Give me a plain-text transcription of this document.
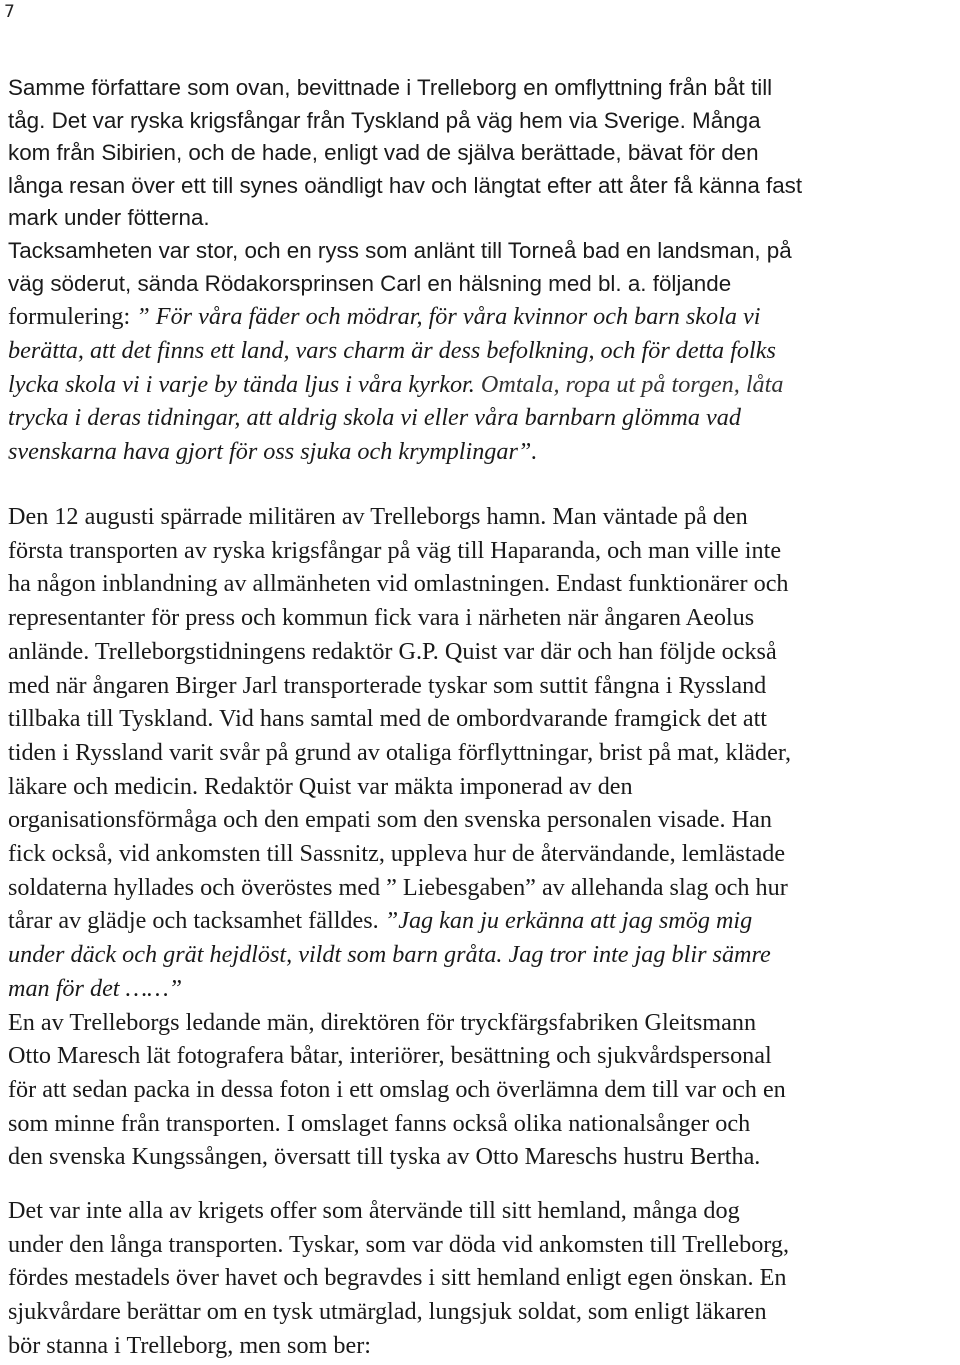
7
Samme författare som ovan, bevittnade i Trelleborg en omflyttning från båt till
tåg. Det var ryska krigsfångar från Tyskland på väg hem via Sverige. Många
kom från Sibirien, och de hade, enligt vad de själva berättade, bävat för den
långa resan över ett till synes oändligt hav och längtat efter att åter få känna fast
mark under fötterna.
Tacksamheten var stor, och en ryss som anlänt till Torneå bad en landsman, på
väg söderut, sända Rödakorsprinsen Carl en hälsning med bl. a. följande
formulering: ” För våra fäder och mödrar, för våra kvinnor och barn skola vi
berätta, att det finns ett land, vars charm är dess befolkning, och för detta folks
lycka skola vi i varje by tända ljus i våra kyrkor. Omtala, ropa ut på torgen, låta
trycka i deras tidningar, att aldrig skola vi eller våra barnbarn glömma vad
svenskarna hava gjort för oss sjuka och krymplingar”.
Den 12 augusti spärrade militären av Trelleborgs hamn. Man väntade på den
första transporten av ryska krigsfångar på väg till Haparanda, och man ville inte
ha någon inblandning av allmänheten vid omlastningen. Endast funktionärer och
representanter för press och kommun fick vara i närheten när ångaren Aeolus
anlände. Trelleborgstidningens redaktör G.P. Quist var där och han följde också
med när ångaren Birger Jarl transporterade tyskar som suttit fångna i Ryssland
tillbaka till Tyskland. Vid hans samtal med de ombordvarande framgick det att
tiden i Ryssland varit svår på grund av otaliga förflyttningar, brist på mat, kläder,
läkare och medicin. Redaktör Quist var mäkta imponerad av den
organisationsförmåga och den empati som den svenska personalen visade. Han
fick också, vid ankomsten till Sassnitz, uppleva hur de återvändande, lemlästade
soldaterna hyllades och överöstes med ” Liebesgaben” av allehanda slag och hur
tårar av glädje och tacksamhet fälldes. ”Jag kan ju erkänna att jag smög mig
under däck och grät hejdlöst, vildt som barn gråta. Jag tror inte jag blir sämre
man för det ……”
En av Trelleborgs ledande män, direktören för tryckfärgsfabriken Gleitsmann
Otto Maresch lät fotografera båtar, interiörer, besättning och sjukvårdspersonal
för att sedan packa in dessa foton i ett omslag och överlämna dem till var och en
som minne från transporten. I omslaget fanns också olika nationalsånger och
den svenska Kungssången, översatt till tyska av Otto Mareschs hustru Bertha.
Det var inte alla av krigets offer som återvände till sitt hemland, många dog
under den långa transporten. Tyskar, som var döda vid ankomsten till Trelleborg,
fördes mestadels över havet och begravdes i sitt hemland enligt egen önskan. En
sjukvårdare berättar om en tysk utmärglad, lungsjuk soldat, som enligt läkaren
bör stanna i Trelleborg, men som ber:
